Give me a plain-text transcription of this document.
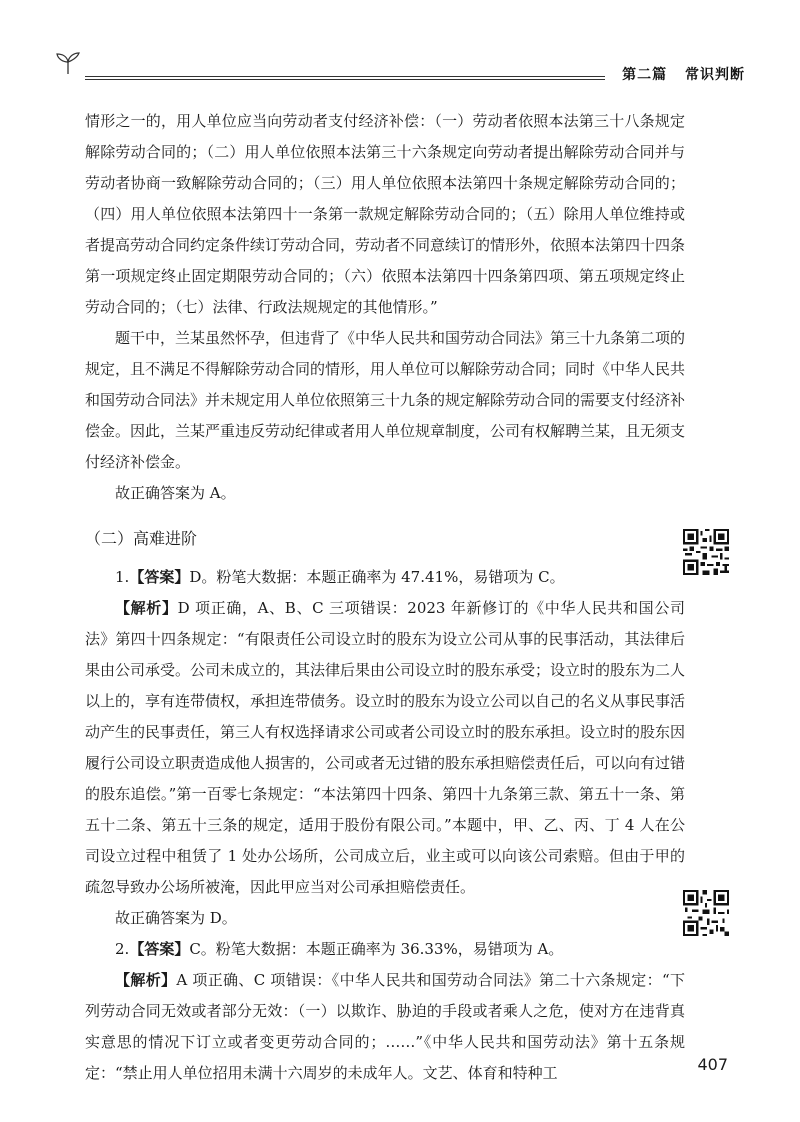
第二篇 常识判断

情形之一的，用人单位应当向劳动者支付经济补偿：（一）劳动者依照本法第三十八条规定解除劳动合同的；（二）用人单位依照本法第三十六条规定向劳动者提出解除劳动合同并与劳动者协商一致解除劳动合同的；（三）用人单位依照本法第四十条规定解除劳动合同的；（四）用人单位依照本法第四十一条第一款规定解除劳动合同的；（五）除用人单位维持或者提高劳动合同约定条件续订劳动合同，劳动者不同意续订的情形外，依照本法第四十四条第一项规定终止固定期限劳动合同的；（六）依照本法第四十四条第四项、第五项规定终止劳动合同的；（七）法律、行政法规规定的其他情形。”

题干中，兰某虽然怀孕，但违背了《中华人民共和国劳动合同法》第三十九条第二项的规定，且不满足不得解除劳动合同的情形，用人单位可以解除劳动合同；同时《中华人民共和国劳动合同法》并未规定用人单位依照第三十九条的规定解除劳动合同的需要支付经济补偿金。因此，兰某严重违反劳动纪律或者用人单位规章制度，公司有权解聘兰某，且无须支付经济补偿金。

故正确答案为 A。

（二）高难进阶

1.【答案】D。粉笔大数据：本题正确率为 47.41%，易错项为 C。

【解析】D 项正确，A、B、C 三项错误：2023 年新修订的《中华人民共和国公司法》第四十四条规定：“有限责任公司设立时的股东为设立公司从事的民事活动，其法律后果由公司承受。公司未成立的，其法律后果由公司设立时的股东承受；设立时的股东为二人以上的，享有连带债权，承担连带债务。设立时的股东为设立公司以自己的名义从事民事活动产生的民事责任，第三人有权选择请求公司或者公司设立时的股东承担。设立时的股东因履行公司设立职责造成他人损害的，公司或者无过错的股东承担赔偿责任后，可以向有过错的股东追偿。”第一百零七条规定：“本法第四十四条、第四十九条第三款、第五十一条、第五十二条、第五十三条的规定，适用于股份有限公司。”本题中，甲、乙、丙、丁 4 人在公司设立过程中租赁了 1 处办公场所，公司成立后，业主或可以向该公司索赔。但由于甲的疏忽导致办公场所被淹，因此甲应当对公司承担赔偿责任。

故正确答案为 D。

2.【答案】C。粉笔大数据：本题正确率为 36.33%，易错项为 A。

【解析】A 项正确、C 项错误：《中华人民共和国劳动合同法》第二十六条规定：“下列劳动合同无效或者部分无效：（一）以欺诈、胁迫的手段或者乘人之危，使对方在违背真实意思的情况下订立或者变更劳动合同的；……”《中华人民共和国劳动法》第十五条规定：“禁止用人单位招用未满十六周岁的未成年人。文艺、体育和特种工	407
